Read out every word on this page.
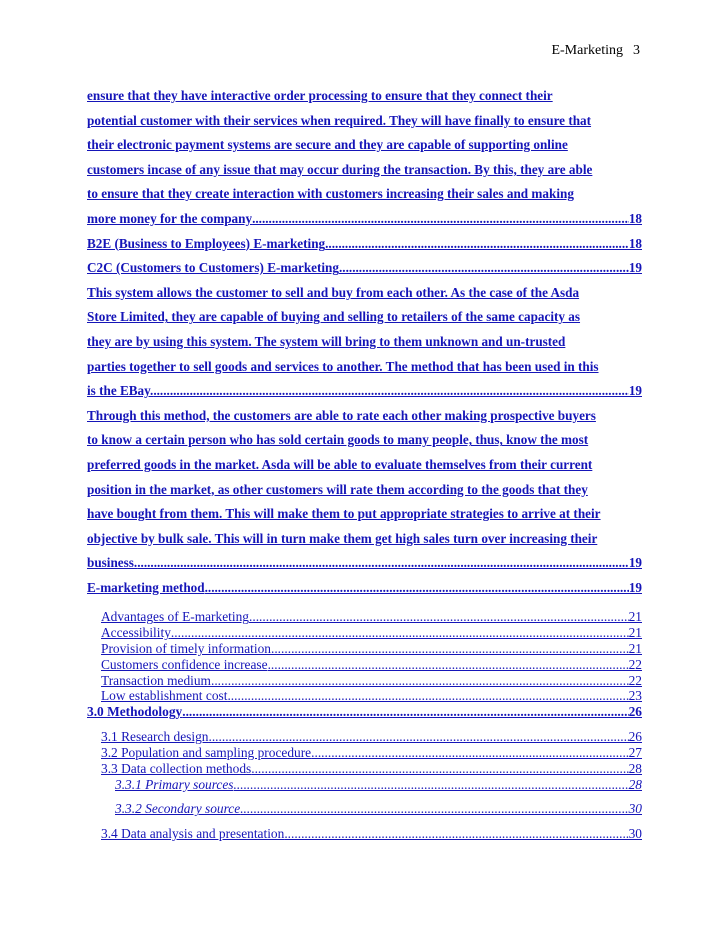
E-Marketing 3
ensure that they have interactive order processing to ensure that they connect their
potential customer with their services when required. They will have finally to ensure that
their electronic payment systems are secure and they are capable of supporting online
customers incase of any issue that may occur during the transaction. By this, they are able
to ensure that they create interaction with customers increasing their sales and making
more money for the company .....	18
B2E (Business to Employees) E-marketing .....	18
C2C (Customers to Customers) E-marketing .....	19
This system allows the customer to sell and buy from each other. As the case of the Asda
Store Limited, they are capable of buying and selling to retailers of the same capacity as
they are by using this system. The system will bring to them unknown and un-trusted
parties together to sell goods and services to another. The method that has been used in this
is the EBay. .....	19
Through this method, the customers are able to rate each other making prospective buyers
to know a certain person who has sold certain goods to many people, thus, know the most
preferred goods in the market. Asda will be able to evaluate themselves from their current
position in the market, as other customers will rate them according to the goods that they
have bought from them. This will make them to put appropriate strategies to arrive at their
objective by bulk sale. This will in turn make them get high sales turn over increasing their
business. .....	19
E-marketing method .....	19
Advantages of E-marketing .....	21
Accessibility .....	21
Provision of timely information .....	21
Customers confidence increase .....	22
Transaction medium .....	22
Low establishment cost .....	23
3.0 Methodology .....	26
3.1 Research design .....	26
3.2 Population and sampling procedure .....	27
3.3 Data collection methods .....	28
3.3.1 Primary sources .....	28
3.3.2 Secondary source .....	30
3.4 Data analysis and presentation .....	30
